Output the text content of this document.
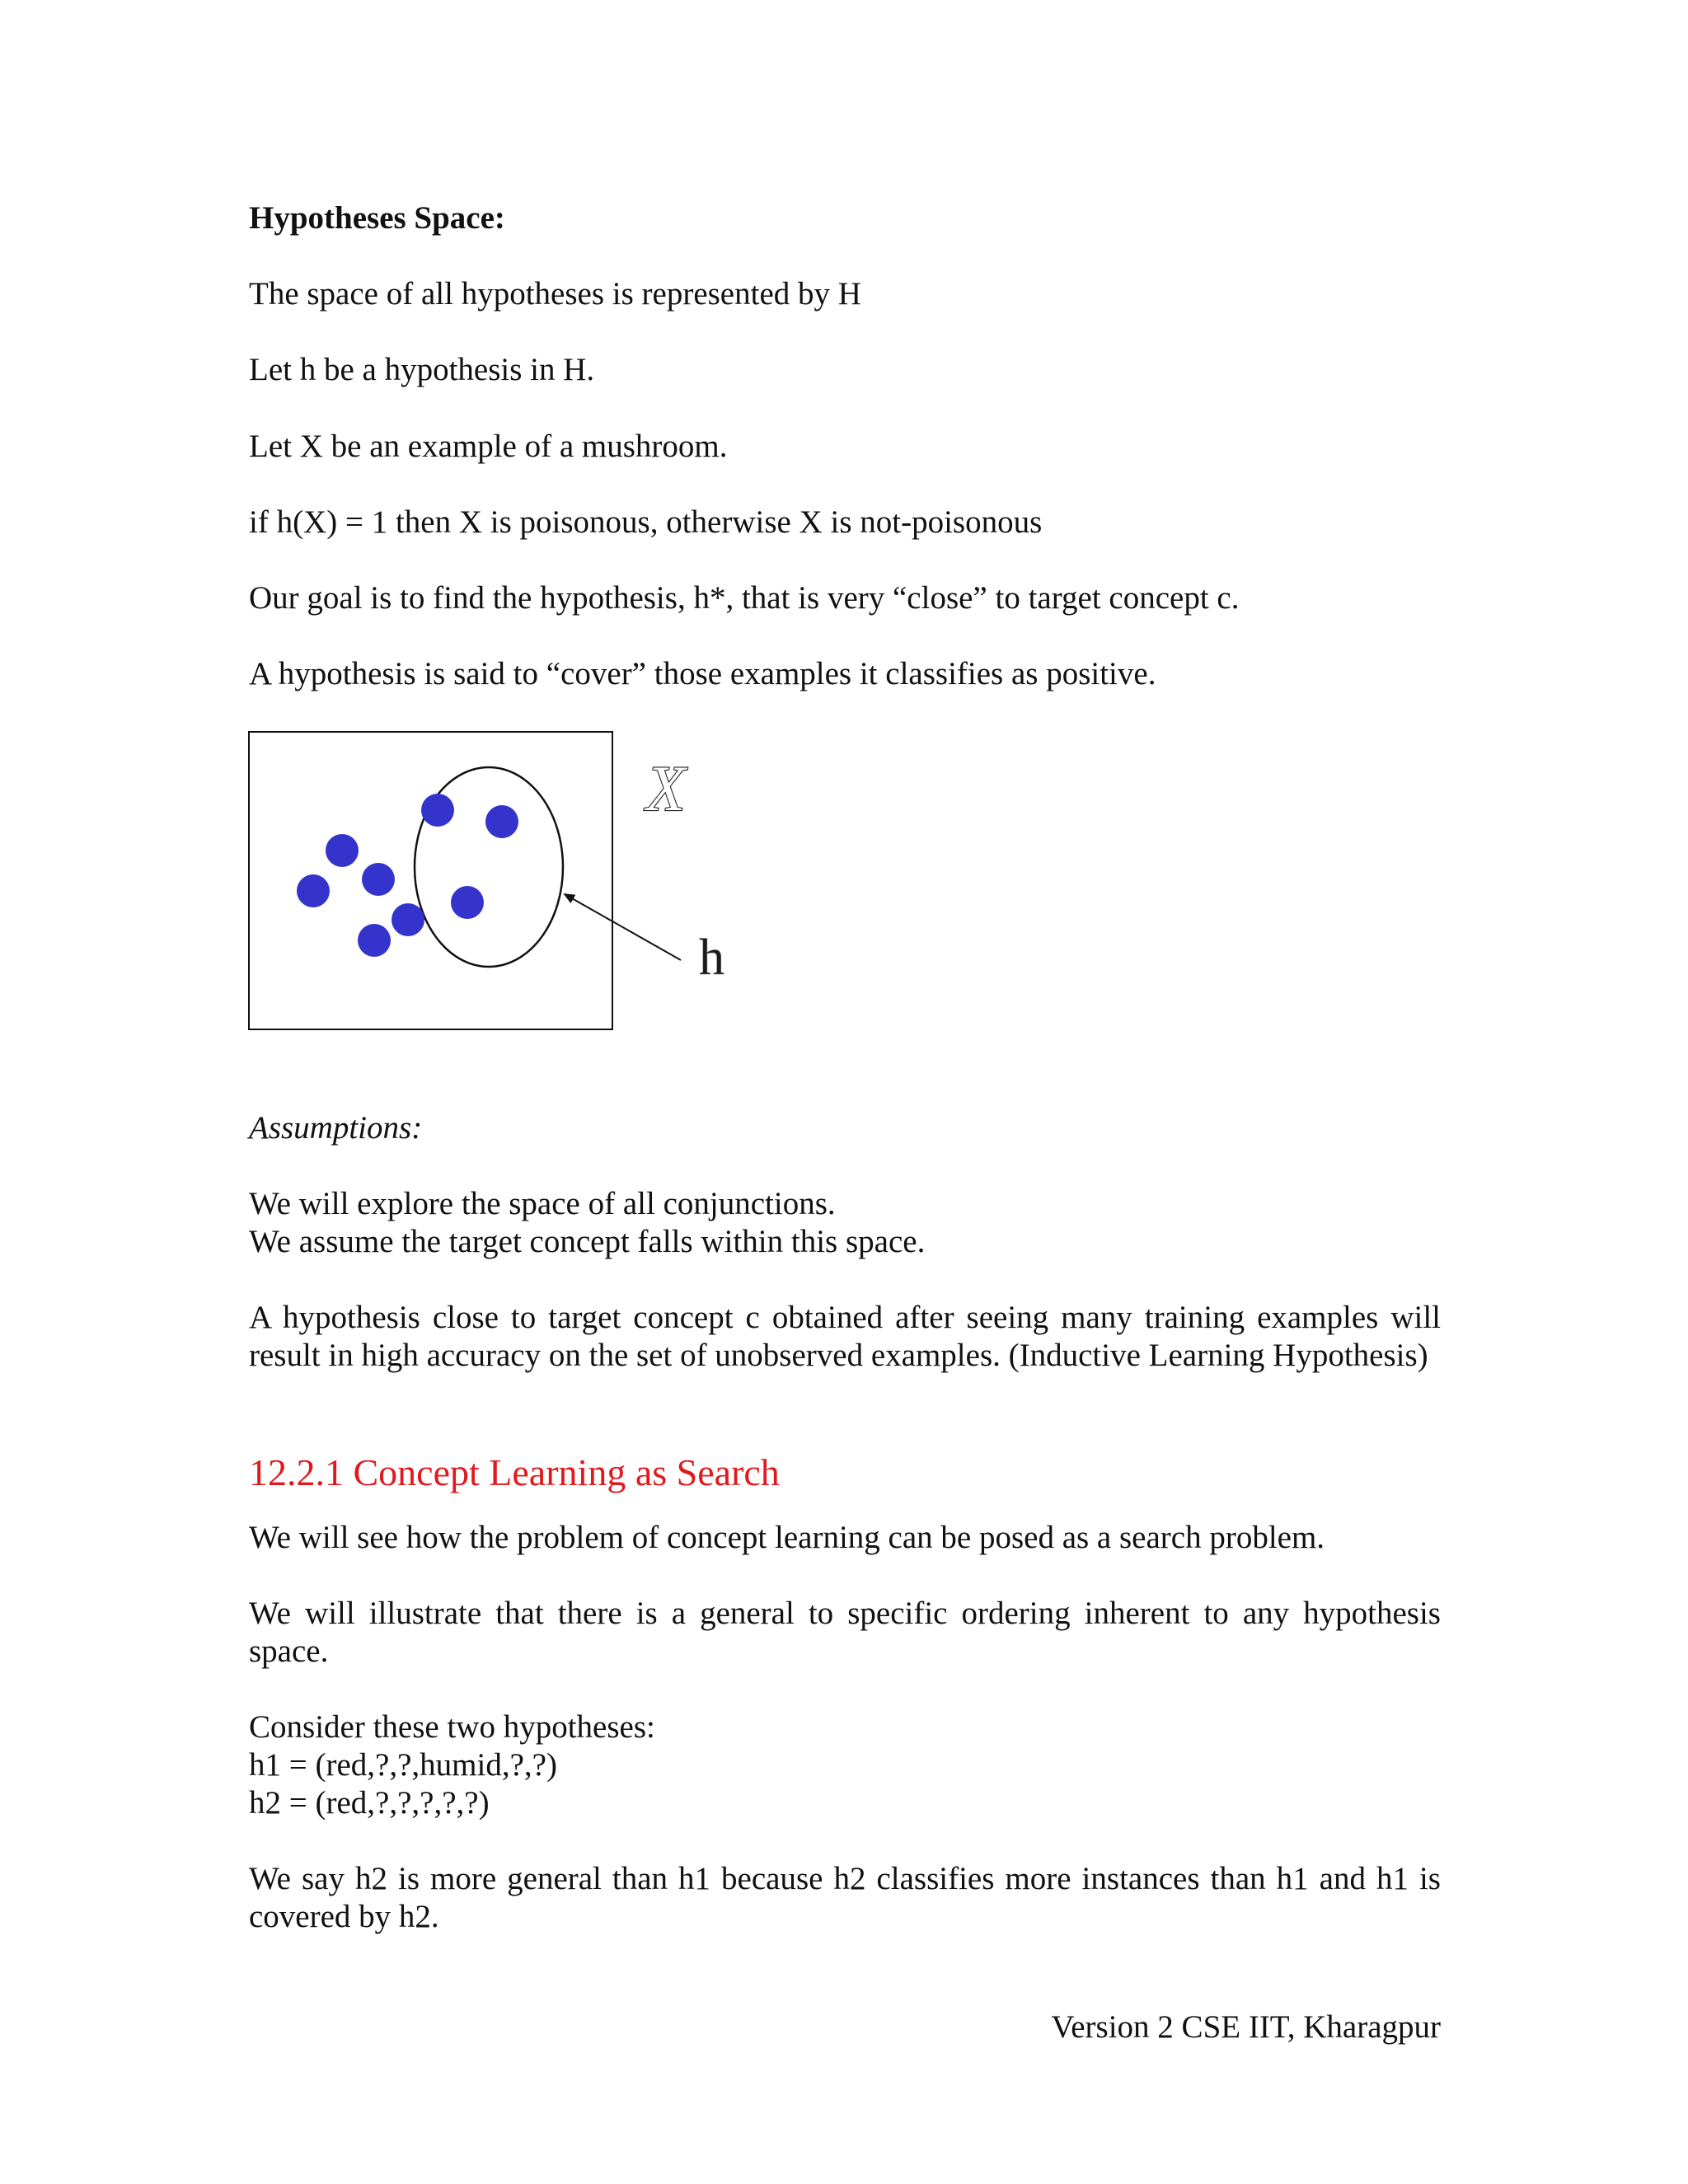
Hypotheses Space:
The space of all hypotheses is represented by H
Let h be a hypothesis in H.
Let X be an example of a mushroom.
if h(X) = 1 then X is poisonous, otherwise X is not-poisonous
Our goal is to find the hypothesis, h*, that is very “close” to target concept c.
A hypothesis is said to “cover” those examples it classifies as positive.
X
h
Assumptions:
We will explore the space of all conjunctions.
We assume the target concept falls within this space.

A hypothesis close to target concept c obtained after seeing many training examples will result in high accuracy on the set of unobserved examples. (Inductive Learning Hypothesis)

12.2.1 Concept Learning as Search
We will see how the problem of concept learning can be posed as a search problem.

We will illustrate that there is a general to specific ordering inherent to any hypothesis space.

Consider these two hypotheses:
h1 = (red,?,?,humid,?,?)
h2 = (red,?,?,?,?,?)

We say h2 is more general than h1 because h2 classifies more instances than h1 and h1 is covered by h2.

Version 2 CSE IIT, Kharagpur
